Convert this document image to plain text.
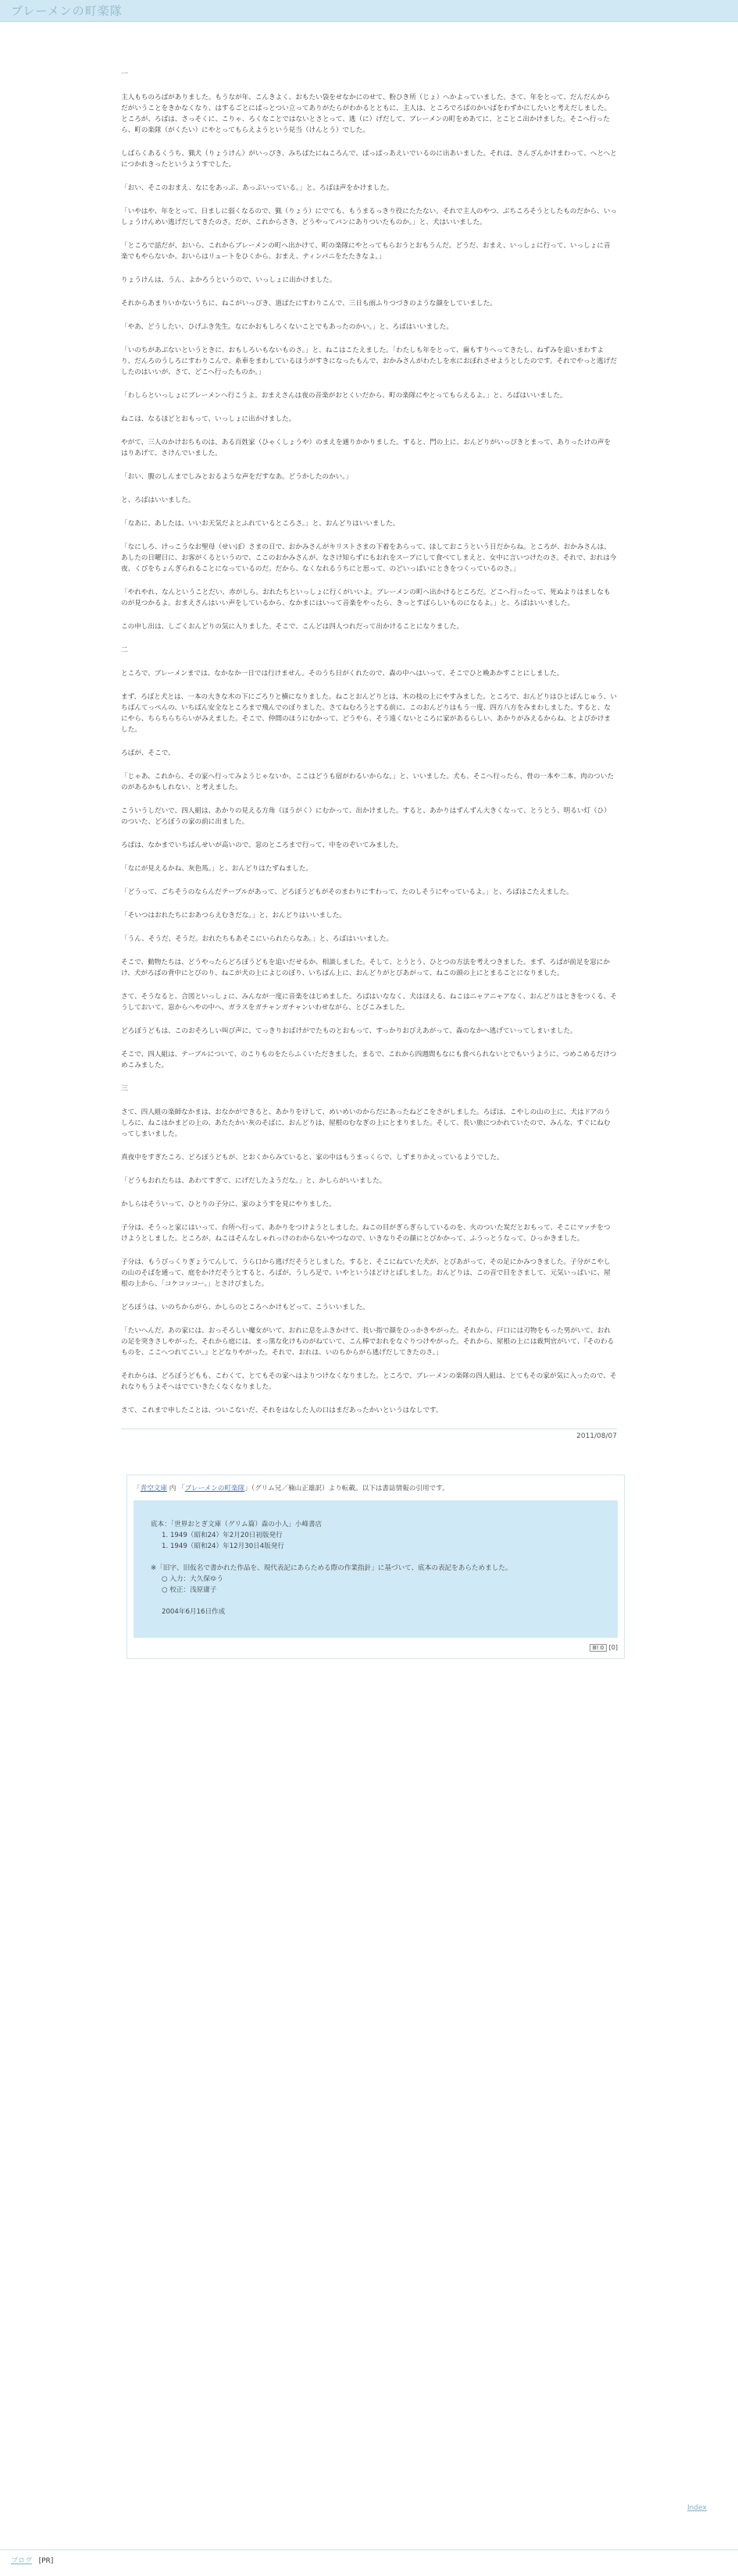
ブレーメンの町楽隊

一

主人もちのろばがありました。もうなが年、こんきよく、おもたい袋をせなかにのせて、粉ひき所（じょ）へかよっていました。さて、年をとって、だんだんからだがいうことをきかなくなり、はするごとにぱっとつい立ってありがたらがわかるとともに、主人は、ところでろばのかいばをわずかにしたいと考えだしました。ところが、ろばは、さっそくに、こりゃ、ろくなことではないとさとって、逃（に）げだして、ブレーメンの町をめあてに、とことこ出かけました。そこへ行ったら、町の楽隊（がくたい）にやとってもらえようという見当（けんとう）でした。

しばらくあるくうち、猟犬（りょうけん）がいっぴき、みちばたにねころんで、ぱっぱっあえいでいるのに出あいました。それは、さんざんかけまわって、へとへとにつかれきったというようすでした。

「おい、そこのおまえ、なにをあっぷ、あっぷいっている。」と、ろばは声をかけました。

「いやはや、年をとって、日ましに弱くなるので、猟（りょう）にでても、もうまるっきり役にたたない。それで主人のやつ、ぶちころそうとしたものだから、いっしょうけんめい逃げだしてきたのさ。だが、これからさき、どうやってパンにありついたものか。」と、犬はいいました。

「ところで話だが、おいら、これからブレーメンの町へ出かけて、町の楽隊にやとってもらおうとおもうんだ。どうだ、おまえ、いっしょに行って、いっしょに音楽でもやらないか。おいらはリュートをひくから、おまえ、ティンパニをたたきなよ。」

りょうけんは、うん、よかろうというので、いっしょに出かけました。

それからあまりいかないうちに、ねこがいっぴき、道ばたにすわりこんで、三日も雨ふりつづきのような顔をしていました。

「やあ、どうしたい、ひげふき先生。なにかおもしろくないことでもあったのかい。」と、ろばはいいました。

「いのちがあぶないというときに、おもしろいもないものさ。」と、ねこはこたえました。「わたしも年をとって、歯もすりへってきたし、ねずみを追いまわすより、だんろのうしろにすわりこんで、糸車をまわしているほうがすきになったもんで、おかみさんがわたしを水におぼれさせようとしたのです。それでやっと逃げだしたのはいいが、さて、どこへ行ったものか。」

「わしらといっしょにブレーメンへ行こうよ。おまえさんは夜の音楽がおとくいだから、町の楽隊にやとってもらえるよ。」と、ろばはいいました。

ねこは、なるほどとおもって、いっしょに出かけました。

やがて、三人のかけおちものは、ある百姓家（ひゃくしょうや）のまえを通りかかりました。すると、門の上に、おんどりがいっぴきとまって、ありったけの声をはりあげて、さけんでいました。

「おい、腹のしんまでしみとおるような声をだすなあ。どうかしたのかい。」

と、ろばはいいました。

「なあに、あしたは、いいお天気だよとふれているところさ。」と、おんどりはいいました。

「なにしろ、けっこうなお聖母（せいぼ）さまの日で、おかみさんがキリストさまの下着をあらって、ほしておこうという日だからね。ところが、おかみさんは、あしたの日曜日に、お客がくるというので、ここのおかみさんが、なさけ知らずにもおれをスープにして食べてしまえと、女中に言いつけたのさ。それで、おれは今夜、くびをちょんぎられることになっているのだ。だから、なくなれるうちにと思って、のどいっぱいにときをつくっているのさ。」

「やれやれ、なんということだい、赤がしら。おれたちといっしょに行くがいいよ。ブレーメンの町へ出かけるところだ。どこへ行ったって、死ぬよりはましなものが見つかるよ。おまえさんはいい声をしているから、なかまにはいって音楽をやったら、きっとすばらしいものになるよ。」と、ろばはいいました。

この申し出は、しごくおんどりの気に入りました。そこで、こんどは四人つれだって出かけることになりました。

二

ところで、ブレーメンまでは、なかなか一日では行けません。そのうち日がくれたので、森の中へはいって、そこでひと晩あかすことにしました。

まず、ろばと犬とは、一本の大きな木の下にごろりと横になりました。ねことおんどりとは、木の枝の上にやすみました。ところで、おんどりはひとばんじゅう、いちばんてっぺんの、いちばん安全なところまで飛んでのぼりました。さてねむろうとする前に、このおんどりはもう一度、四方八方をみまわしました。すると、なにやら、ちらちらちらいがみえました。そこで、仲間のほうにむかって、どうやら、そう遠くないところに家があるらしい、あかりがみえるからね、とよびかけました。

ろばが、そこで、

「じゃあ、これから、その家へ行ってみようじゃないか。ここはどうも宿がわるいからな。」と、いいました。犬も、そこへ行ったら、骨の一本や二本、肉のついたのがあるかもしれない、と考えました。

こういうしだいで、四人組は、あかりの見える方角（ほうがく）にむかって、出かけました。すると、あかりはずんずん大きくなって、とうとう、明るい灯（ひ）のついた、どろぼうの家の前に出ました。

ろばは、なかまでいちばんせいが高いので、窓のところまで行って、中をのぞいてみました。

「なにが見えるかね、灰色馬。」と、おんどりはたずねました。

「どうって、ごちそうのならんだテーブルがあって、どろぼうどもがそのまわりにすわって、たのしそうにやっているよ。」と、ろばはこたえました。

「そいつはおれたちにおあつらえむきだな。」と、おんどりはいいました。

「うん、そうだ、そうだ。おれたちもあそこにいられたらなあ。」と、ろばはいいました。

そこで、動物たちは、どうやったらどろぼうどもを追いだせるか、相談しました。そして、とうとう、ひとつの方法を考えつきました。まず、ろばが前足を窓にかけ、犬がろばの背中にとびのり、ねこが犬の上によじのぼり、いちばん上に、おんどりがとびあがって、ねこの頭の上にとまることになりました。

さて、そうなると、合図といっしょに、みんなが一度に音楽をはじめました。ろばはいななく、犬はほえる、ねこはニャアニャアなく、おんどりはときをつくる、そうしておいて、窓からへやの中へ、ガラスをガチャンガチャンいわせながら、とびこみました。

どろぼうどもは、このおそろしい叫び声に、てっきりおばけがでたものとおもって、すっかりおびえあがって、森のなかへ逃げていってしまいました。

そこで、四人組は、テーブルについて、のこりものをたらふくいただきました。まるで、これから四週間もなにも食べられないとでもいうように、つめこめるだけつめこみました。

三

さて、四人組の楽師なかまは、おなかができると、あかりをけして、めいめいのからだにあったねどこをさがしました。ろばは、こやしの山の上に、犬はドアのうしろに、ねこはかまどの上の、あたたかい灰のそばに、おんどりは、屋根のむなぎの上にとまりました。そして、長い旅につかれていたので、みんな、すぐにねむってしまいました。

真夜中をすぎたころ、どろぼうどもが、とおくからみていると、家の中はもうまっくらで、しずまりかえっているようでした。

「どうもおれたちは、あわてすぎて、にげだしたようだな。」と、かしらがいいました。

かしらはそういって、ひとりの子分に、家のようすを見にやりました。

子分は、そうっと家にはいって、台所へ行って、あかりをつけようとしました。ねこの目がぎらぎらしているのを、火のついた炭だとおもって、そこにマッチをつけようとしました。ところが、ねこはそんなしゃれっけのわからないやつなので、いきなりその顔にとびかかって、ふうっとうなって、ひっかきました。

子分は、もうびっくりぎょうてんして、うら口から逃げだそうとしました。すると、そこにねていた犬が、とびあがって、その足にかみつきました。子分がこやしの山のそばを通って、庭をかけだそうとすると、ろばが、うしろ足で、いやというほどけとばしました。おんどりは、この音で目をさまして、元気いっぱいに、屋根の上から、「コケコッコー。」とさけびました。

どろぼうは、いのちからがら、かしらのところへかけもどって、こういいました。

「たいへんだ、あの家には、おっそろしい魔女がいて、おれに息をふきかけて、長い指で顔をひっかきやがった。それから、戸口には刃物をもった男がいて、おれの足を突きさしやがった。それから庭には、まっ黒な化けものがねていて、こん棒でおれをなぐりつけやがった。それから、屋根の上には裁判官がいて、『そのわるものを、ここへつれてこい。』とどなりやがった。それで、おれは、いのちからがら逃げだしてきたのさ。」

それからは、どろぼうどもも、こわくて、とてもその家へはよりつけなくなりました。ところで、ブレーメンの楽隊の四人組は、とてもその家が気に入ったので、それなりもうよそへはでていきたくなくなりました。

さて、これまで申したことは、ついこないだ、それをはなした人の口はまだあったかいというはなしです。

2011/08/07
「青空文庫 内 「ブレーメンの町楽隊」（グリム兄／楠山正雄訳）より転載。以下は書誌情報の引用です。
底本：「世界おとぎ文庫（グリム篇）森の小人」小峰書店
1. 1949（昭和24）年2月20日初版発行
1. 1949（昭和24）年12月30日4版発行
※「旧字、旧仮名で書かれた作品を、現代表記にあらためる際の作業指針」に基づいて、底本の表記をあらためました。
○ 入力：大久保ゆう
○ 校正：浅原庸子
2004年6月16日作成
B! 0 [0]
Index
ブログ [PR]
